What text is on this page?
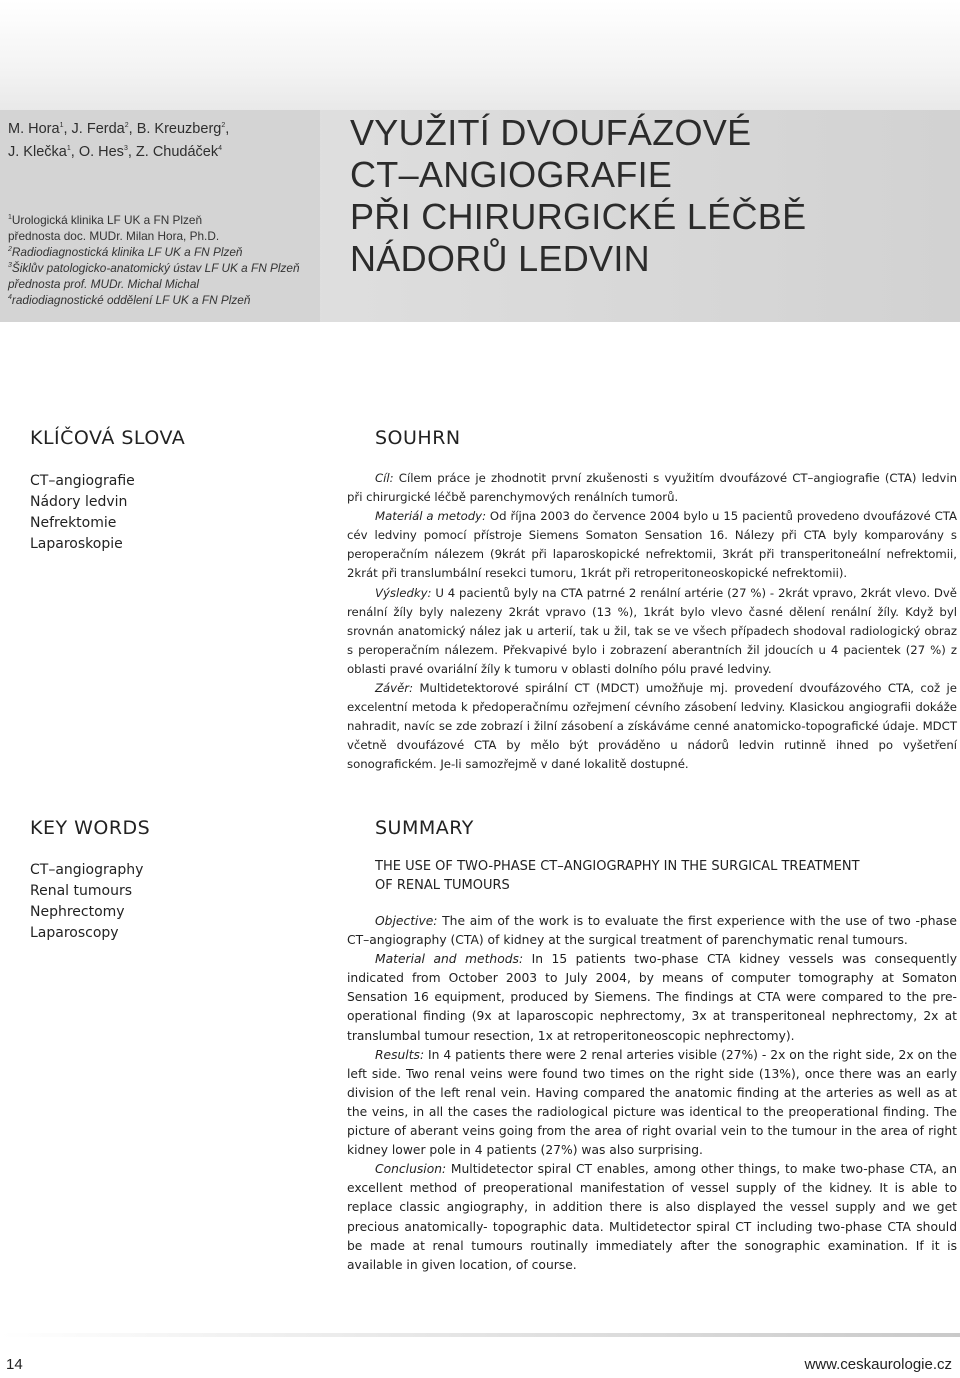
M. Hora$^1$, J. Ferda$^2$, B. Kreuzberg$^2$,
J. Klečka$^1$, O. Hes$^3$, Z. Chudáček$^4$
$^1$Urologická klinika LF UK a FN Plzeň
přednosta doc. MUDr. Milan Hora, Ph.D.
$^2$Radiodiagnostická klinika LF UK a FN Plzeň
$^3$Šiklův patologicko-anatomický ústav LF UK a FN Plzeň
přednosta prof. MUDr. Michal Michal
$^4$radiodiagnostické oddělení LF UK a FN Plzeň
VYUŽITÍ DVOUFÁZOVÉ
CT–ANGIOGRAFIE
PŘI CHIRURGICKÉ LÉČBĚ
NÁDORŮ LEDVIN
KLÍČOVÁ SLOVA
CT–angiografie
Nádory ledvin
Nefrektomie
Laparoskopie
SOUHRN

Cíl: Cílem práce je zhodnotit první zkušenosti s využitím dvoufázové CT–angiografie (CTA) ledvin při chirurgické léčbě parenchymových renálních tumorů.

Materiál a metody: Od října 2003 do července 2004 bylo u 15 pacientů provedeno dvoufázové CTA cév ledviny pomocí přístroje Siemens Somaton Sensation 16. Nálezy při CTA byly komparovány s peroperačním nálezem (9krát při laparoskopické nefrektomii, 3krát při transperitoneální nefrektomii, 2krát při translumbální resekci tumoru, 1krát při retroperitoneoskopické nefrektomii).

Výsledky: U 4 pacientů byly na CTA patrné 2 renální artérie (27 %) - 2krát vpravo, 2krát vlevo. Dvě renální žíly byly nalezeny 2krát vpravo (13 %), 1krát bylo vlevo časné dělení renální žíly. Když byl srovnán anatomický nález jak u arterií, tak u žil, tak se ve všech případech shodoval radiologický obraz s peroperačním nálezem. Překvapivé bylo i zobrazení aberantních žil jdoucích u 4 pacientek (27 %) z oblasti pravé ovariální žíly k tumoru v oblasti dolního pólu pravé ledviny.

Závěr: Multidetektorové spirální CT (MDCT) umožňuje mj. provedení dvoufázového CTA, což je excelentní metoda k předoperačnímu ozřejmení cévního zásobení ledviny. Klasickou angiografii dokáže nahradit, navíc se zde zobrazí i žilní zásobení a získáváme cenné anatomicko-topografické údaje. MDCT včetně dvoufázové CTA by mělo být prováděno u nádorů ledvin rutinně ihned po vyšetření sonografickém. Je-li samozřejmě v dané lokalitě dostupné.

KEY WORDS
CT–angiography
Renal tumours
Nephrectomy
Laparoscopy
SUMMARY
THE USE OF TWO-PHASE CT–ANGIOGRAPHY IN THE SURGICAL TREATMENT
OF RENAL TUMOURS

Objective: The aim of the work is to evaluate the first experience with the use of two -phase CT–angiography (CTA) of kidney at the surgical treatment of parenchymatic renal tumours.

Material and methods: In 15 patients two-phase CTA kidney vessels was consequently indicated from October 2003 to July 2004, by means of computer tomography at Somaton Sensation 16 equipment, produced by Siemens. The findings at CTA were compared to the pre-operational finding (9x at laparoscopic nephrectomy, 3x at transperitoneal nephrectomy, 2x at translumbal tumour resection, 1x at retroperitoneoscopic nephrectomy).

Results: In 4 patients there were 2 renal arteries visible (27%) - 2x on the right side, 2x on the left side. Two renal veins were found two times on the right side (13%), once there was an early division of the left renal vein. Having compared the anatomic finding at the arteries as well as at the veins, in all the cases the radiological picture was identical to the preoperational finding. The picture of aberant veins going from the area of right ovarial vein to the tumour in the area of right kidney lower pole in 4 patients (27%) was also surprising.

Conclusion: Multidetector spiral CT enables, among other things, to make two-phase CTA, an excellent method of preoperational manifestation of vessel supply of the kidney. It is able to replace classic angiography, in addition there is also displayed the vessel supply and we get precious anatomically- topographic data. Multidetector spiral CT including two-phase CTA should be made at renal tumours routinally immediately after the sonographic examination. If it is available in given location, of course.

14	www.ceskaurologie.cz
